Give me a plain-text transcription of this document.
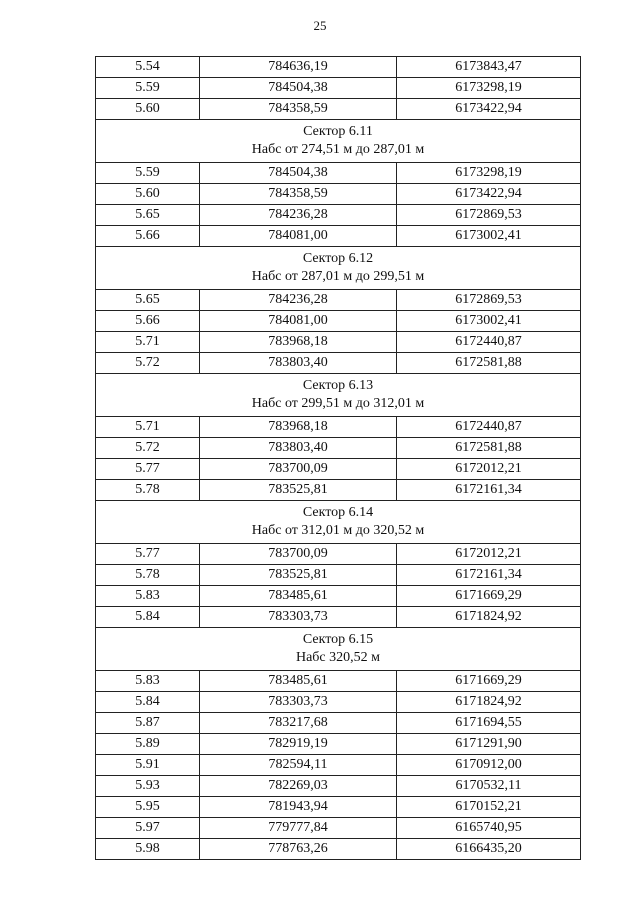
25
5.54	784636,19	6173843,47
5.59	784504,38	6173298,19
5.60	784358,59	6173422,94

Сектор 6.11
Набс от 274,51 м до 287,01 м		

5.59	784504,38	6173298,19
5.60	784358,59	6173422,94
5.65	784236,28	6172869,53
5.66	784081,00	6173002,41

Сектор 6.12
Набс от 287,01 м до 299,51 м		

5.65	784236,28	6172869,53
5.66	784081,00	6173002,41
5.71	783968,18	6172440,87
5.72	783803,40	6172581,88

Сектор 6.13
Набс от 299,51 м до 312,01 м		

5.71	783968,18	6172440,87
5.72	783803,40	6172581,88
5.77	783700,09	6172012,21
5.78	783525,81	6172161,34

Сектор 6.14
Набс от 312,01 м до 320,52 м		

5.77	783700,09	6172012,21
5.78	783525,81	6172161,34
5.83	783485,61	6171669,29
5.84	783303,73	6171824,92

Сектор 6.15
Набс 320,52 м		

5.83	783485,61	6171669,29
5.84	783303,73	6171824,92
5.87	783217,68	6171694,55
5.89	782919,19	6171291,90
5.91	782594,11	6170912,00
5.93	782269,03	6170532,11
5.95	781943,94	6170152,21
5.97	779777,84	6165740,95
5.98	778763,26	6166435,20
